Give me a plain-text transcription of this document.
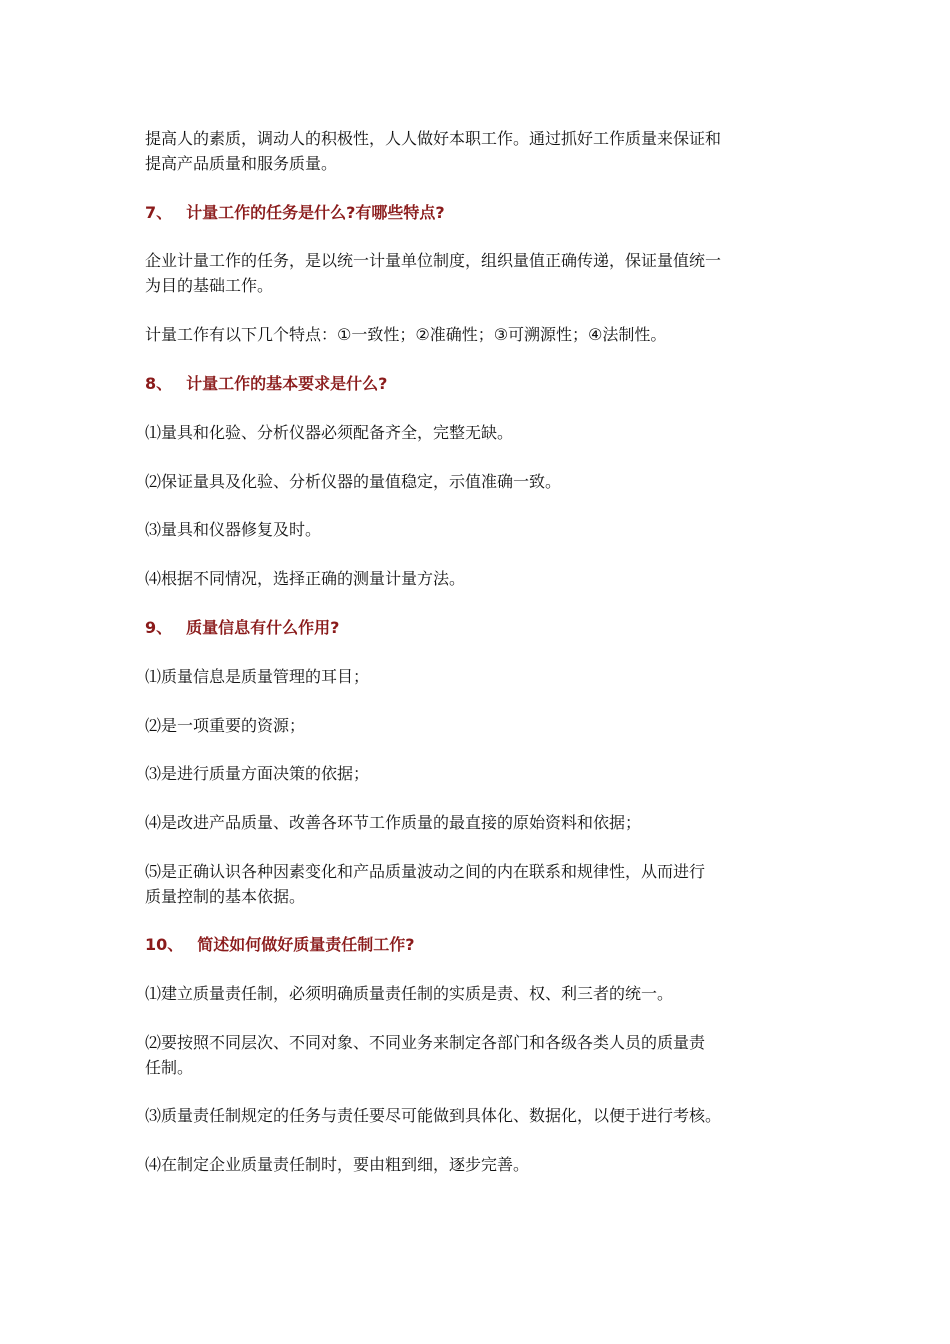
提高人的素质，调动人的积极性，人人做好本职工作。通过抓好工作质量来保证和
提高产品质量和服务质量。
7、 计量工作的任务是什么?有哪些特点?
企业计量工作的任务，是以统一计量单位制度，组织量值正确传递，保证量值统一
为目的基础工作。
计量工作有以下几个特点：①一致性；②准确性；③可溯源性；④法制性。
8、 计量工作的基本要求是什么?
⑴量具和化验、分析仪器必须配备齐全，完整无缺。
⑵保证量具及化验、分析仪器的量值稳定，示值准确一致。
⑶量具和仪器修复及时。
⑷根据不同情况，选择正确的测量计量方法。
9、 质量信息有什么作用?
⑴质量信息是质量管理的耳目；
⑵是一项重要的资源；
⑶是进行质量方面决策的依据；
⑷是改进产品质量、改善各环节工作质量的最直接的原始资料和依据；
⑸是正确认识各种因素变化和产品质量波动之间的内在联系和规律性，从而进行
质量控制的基本依据。
10、 简述如何做好质量责任制工作?
⑴建立质量责任制，必须明确质量责任制的实质是责、权、利三者的统一。
⑵要按照不同层次、不同对象、不同业务来制定各部门和各级各类人员的质量责
任制。
⑶质量责任制规定的任务与责任要尽可能做到具体化、数据化，以便于进行考核。
⑷在制定企业质量责任制时，要由粗到细，逐步完善。
